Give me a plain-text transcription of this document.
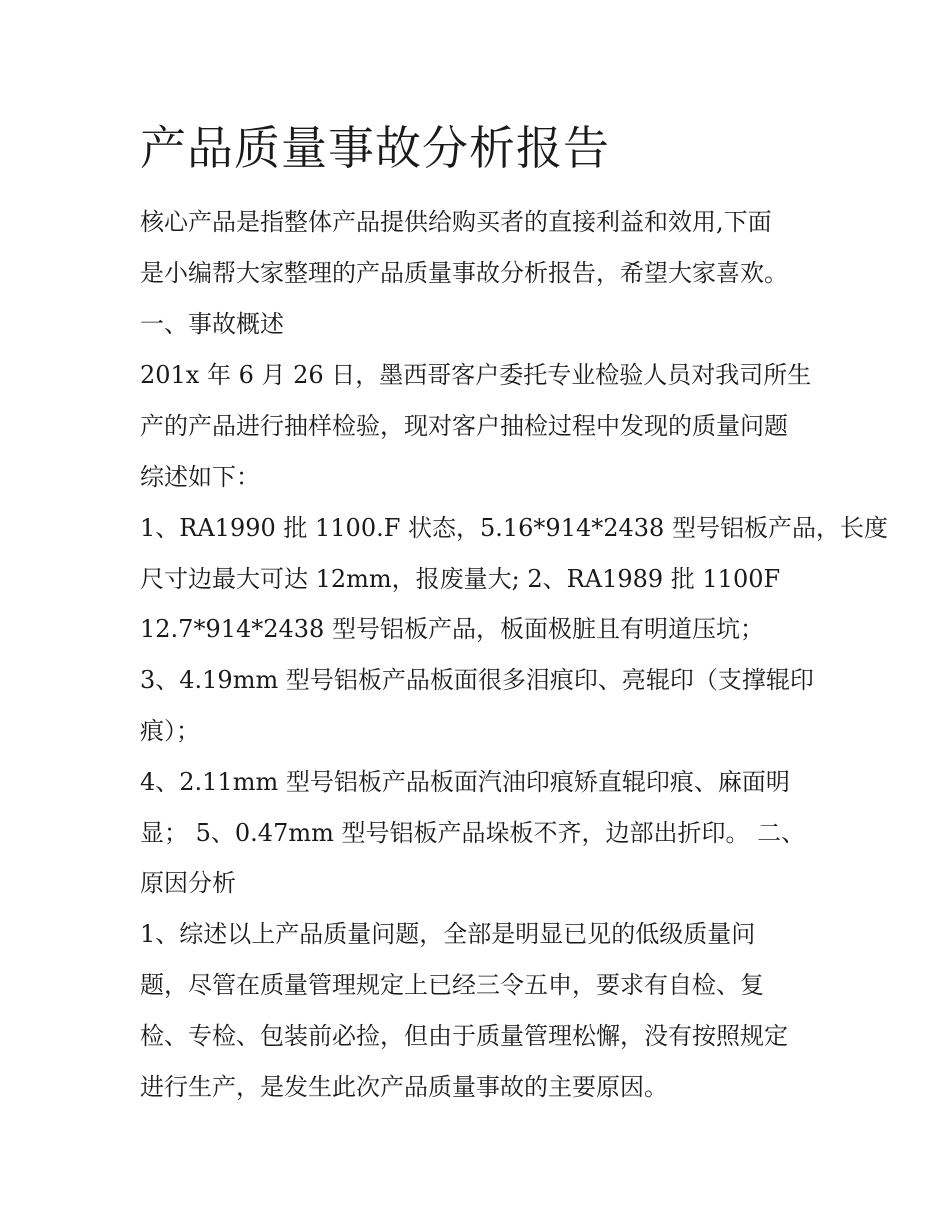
产品质量事故分析报告

核心产品是指整体产品提供给购买者的直接利益和效用,下面

是小编帮大家整理的产品质量事故分析报告，希望大家喜欢。

一、事故概述

201x 年 6 月 26 日，墨西哥客户委托专业检验人员对我司所生

产的产品进行抽样检验，现对客户抽检过程中发现的质量问题

综述如下：

1、RA1990 批 1100.F 状态，5.16*914*2438 型号铝板产品，长度

尺寸边最大可达 12mm，报废量大; 2、RA1989 批 1100F

12.7*914*2438 型号铝板产品，板面极脏且有明道压坑；

3、4.19mm 型号铝板产品板面很多泪痕印、亮辊印（支撑辊印

痕）；

4、2.11mm 型号铝板产品板面汽油印痕矫直辊印痕、麻面明

显； 5、0.47mm 型号铝板产品垛板不齐，边部出折印。 二、

原因分析

1、综述以上产品质量问题，全部是明显已见的低级质量问

题，尽管在质量管理规定上已经三令五申，要求有自检、复

检、专检、包装前必捡，但由于质量管理松懈，没有按照规定

进行生产，是发生此次产品质量事故的主要原因。
